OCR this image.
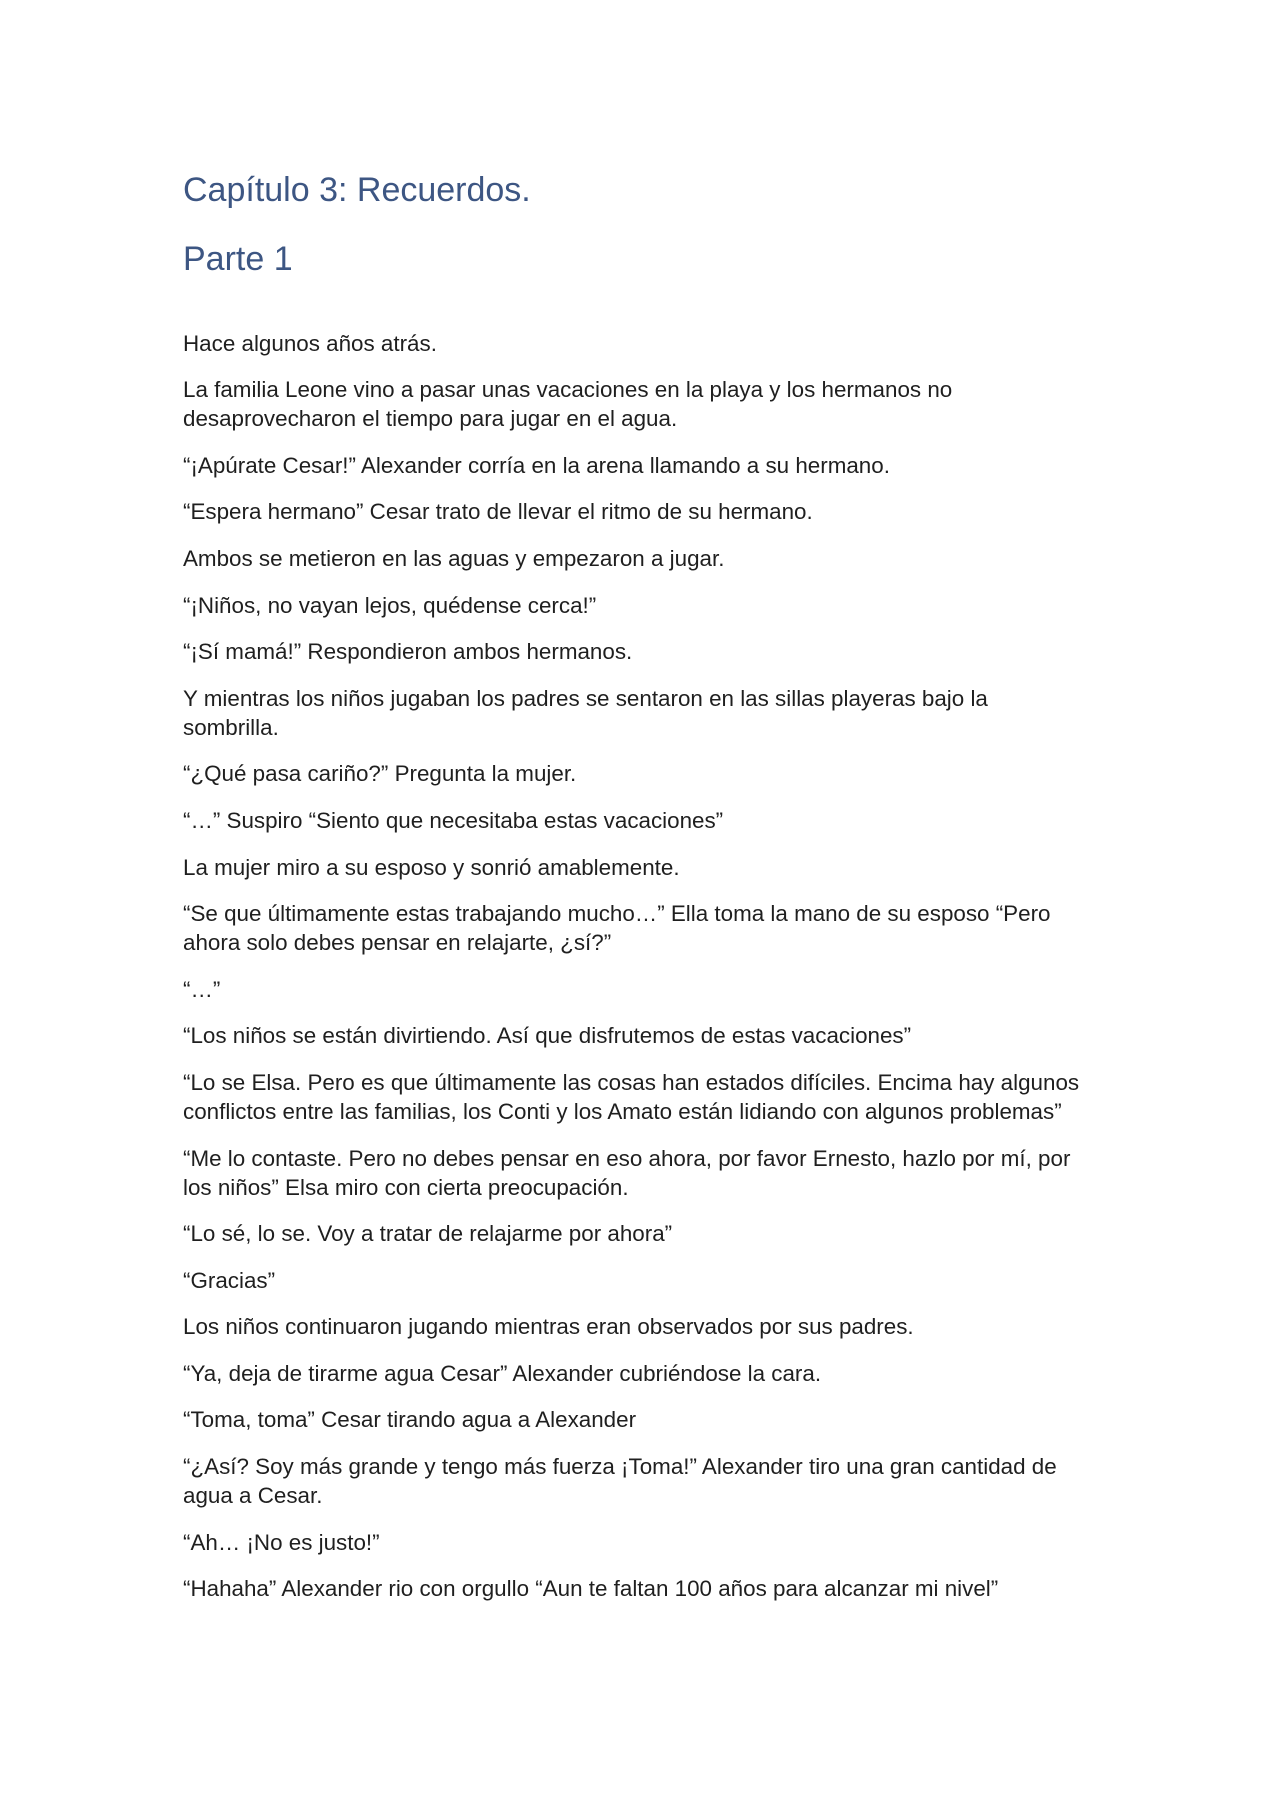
Capítulo 3: Recuerdos.
Parte 1

Hace algunos años atrás.

La familia Leone vino a pasar unas vacaciones en la playa y los hermanos no desaprovecharon el tiempo para jugar en el agua.

“¡Apúrate Cesar!” Alexander corría en la arena llamando a su hermano.

“Espera hermano” Cesar trato de llevar el ritmo de su hermano.

Ambos se metieron en las aguas y empezaron a jugar.

“¡Niños, no vayan lejos, quédense cerca!”

“¡Sí mamá!” Respondieron ambos hermanos.

Y mientras los niños jugaban los padres se sentaron en las sillas playeras bajo la sombrilla.

“¿Qué pasa cariño?” Pregunta la mujer.

“…” Suspiro “Siento que necesitaba estas vacaciones”

La mujer miro a su esposo y sonrió amablemente.

“Se que últimamente estas trabajando mucho…” Ella toma la mano de su esposo “Pero ahora solo debes pensar en relajarte, ¿sí?”

“…”

“Los niños se están divirtiendo. Así que disfrutemos de estas vacaciones”

“Lo se Elsa. Pero es que últimamente las cosas han estados difíciles. Encima hay algunos conflictos entre las familias, los Conti y los Amato están lidiando con algunos problemas”

“Me lo contaste. Pero no debes pensar en eso ahora, por favor Ernesto, hazlo por mí, por los niños” Elsa miro con cierta preocupación.

“Lo sé, lo se. Voy a tratar de relajarme por ahora”

“Gracias”

Los niños continuaron jugando mientras eran observados por sus padres.

“Ya, deja de tirarme agua Cesar” Alexander cubriéndose la cara.

“Toma, toma” Cesar tirando agua a Alexander

“¿Así? Soy más grande y tengo más fuerza ¡Toma!” Alexander tiro una gran cantidad de agua a Cesar.

“Ah… ¡No es justo!”

“Hahaha” Alexander rio con orgullo “Aun te faltan 100 años para alcanzar mi nivel”
